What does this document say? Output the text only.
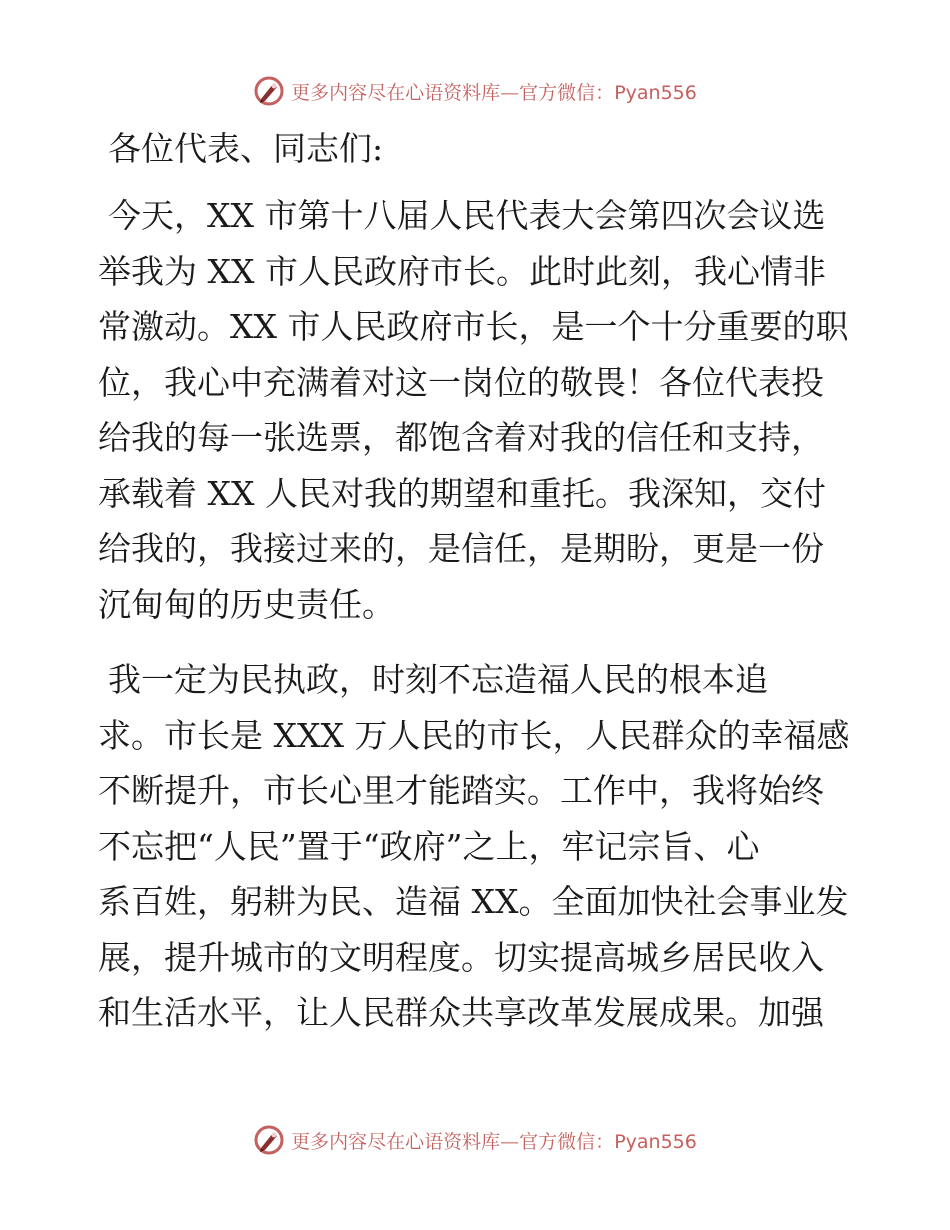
更多内容尽在心语资料库—官方微信：Pyan556
各位代表、同志们:
今天，XX 市第十八届人民代表大会第四次会议选
举我为 XX 市人民政府市长。此时此刻，我心情非
常激动。XX 市人民政府市长，是一个十分重要的职
位，我心中充满着对这一岗位的敬畏！各位代表投
给我的每一张选票，都饱含着对我的信任和支持，
承载着 XX 人民对我的期望和重托。我深知，交付
给我的，我接过来的，是信任，是期盼，更是一份
沉甸甸的历史责任。
我一定为民执政，时刻不忘造福人民的根本追
求。市长是 XXX 万人民的市长，人民群众的幸福感
不断提升，市长心里才能踏实。工作中，我将始终
不忘把“人民”置于“政府”之上，牢记宗旨、心
系百姓，躬耕为民、造福 XX。全面加快社会事业发
展，提升城市的文明程度。切实提高城乡居民收入
和生活水平，让人民群众共享改革发展成果。加强
更多内容尽在心语资料库—官方微信：Pyan556
